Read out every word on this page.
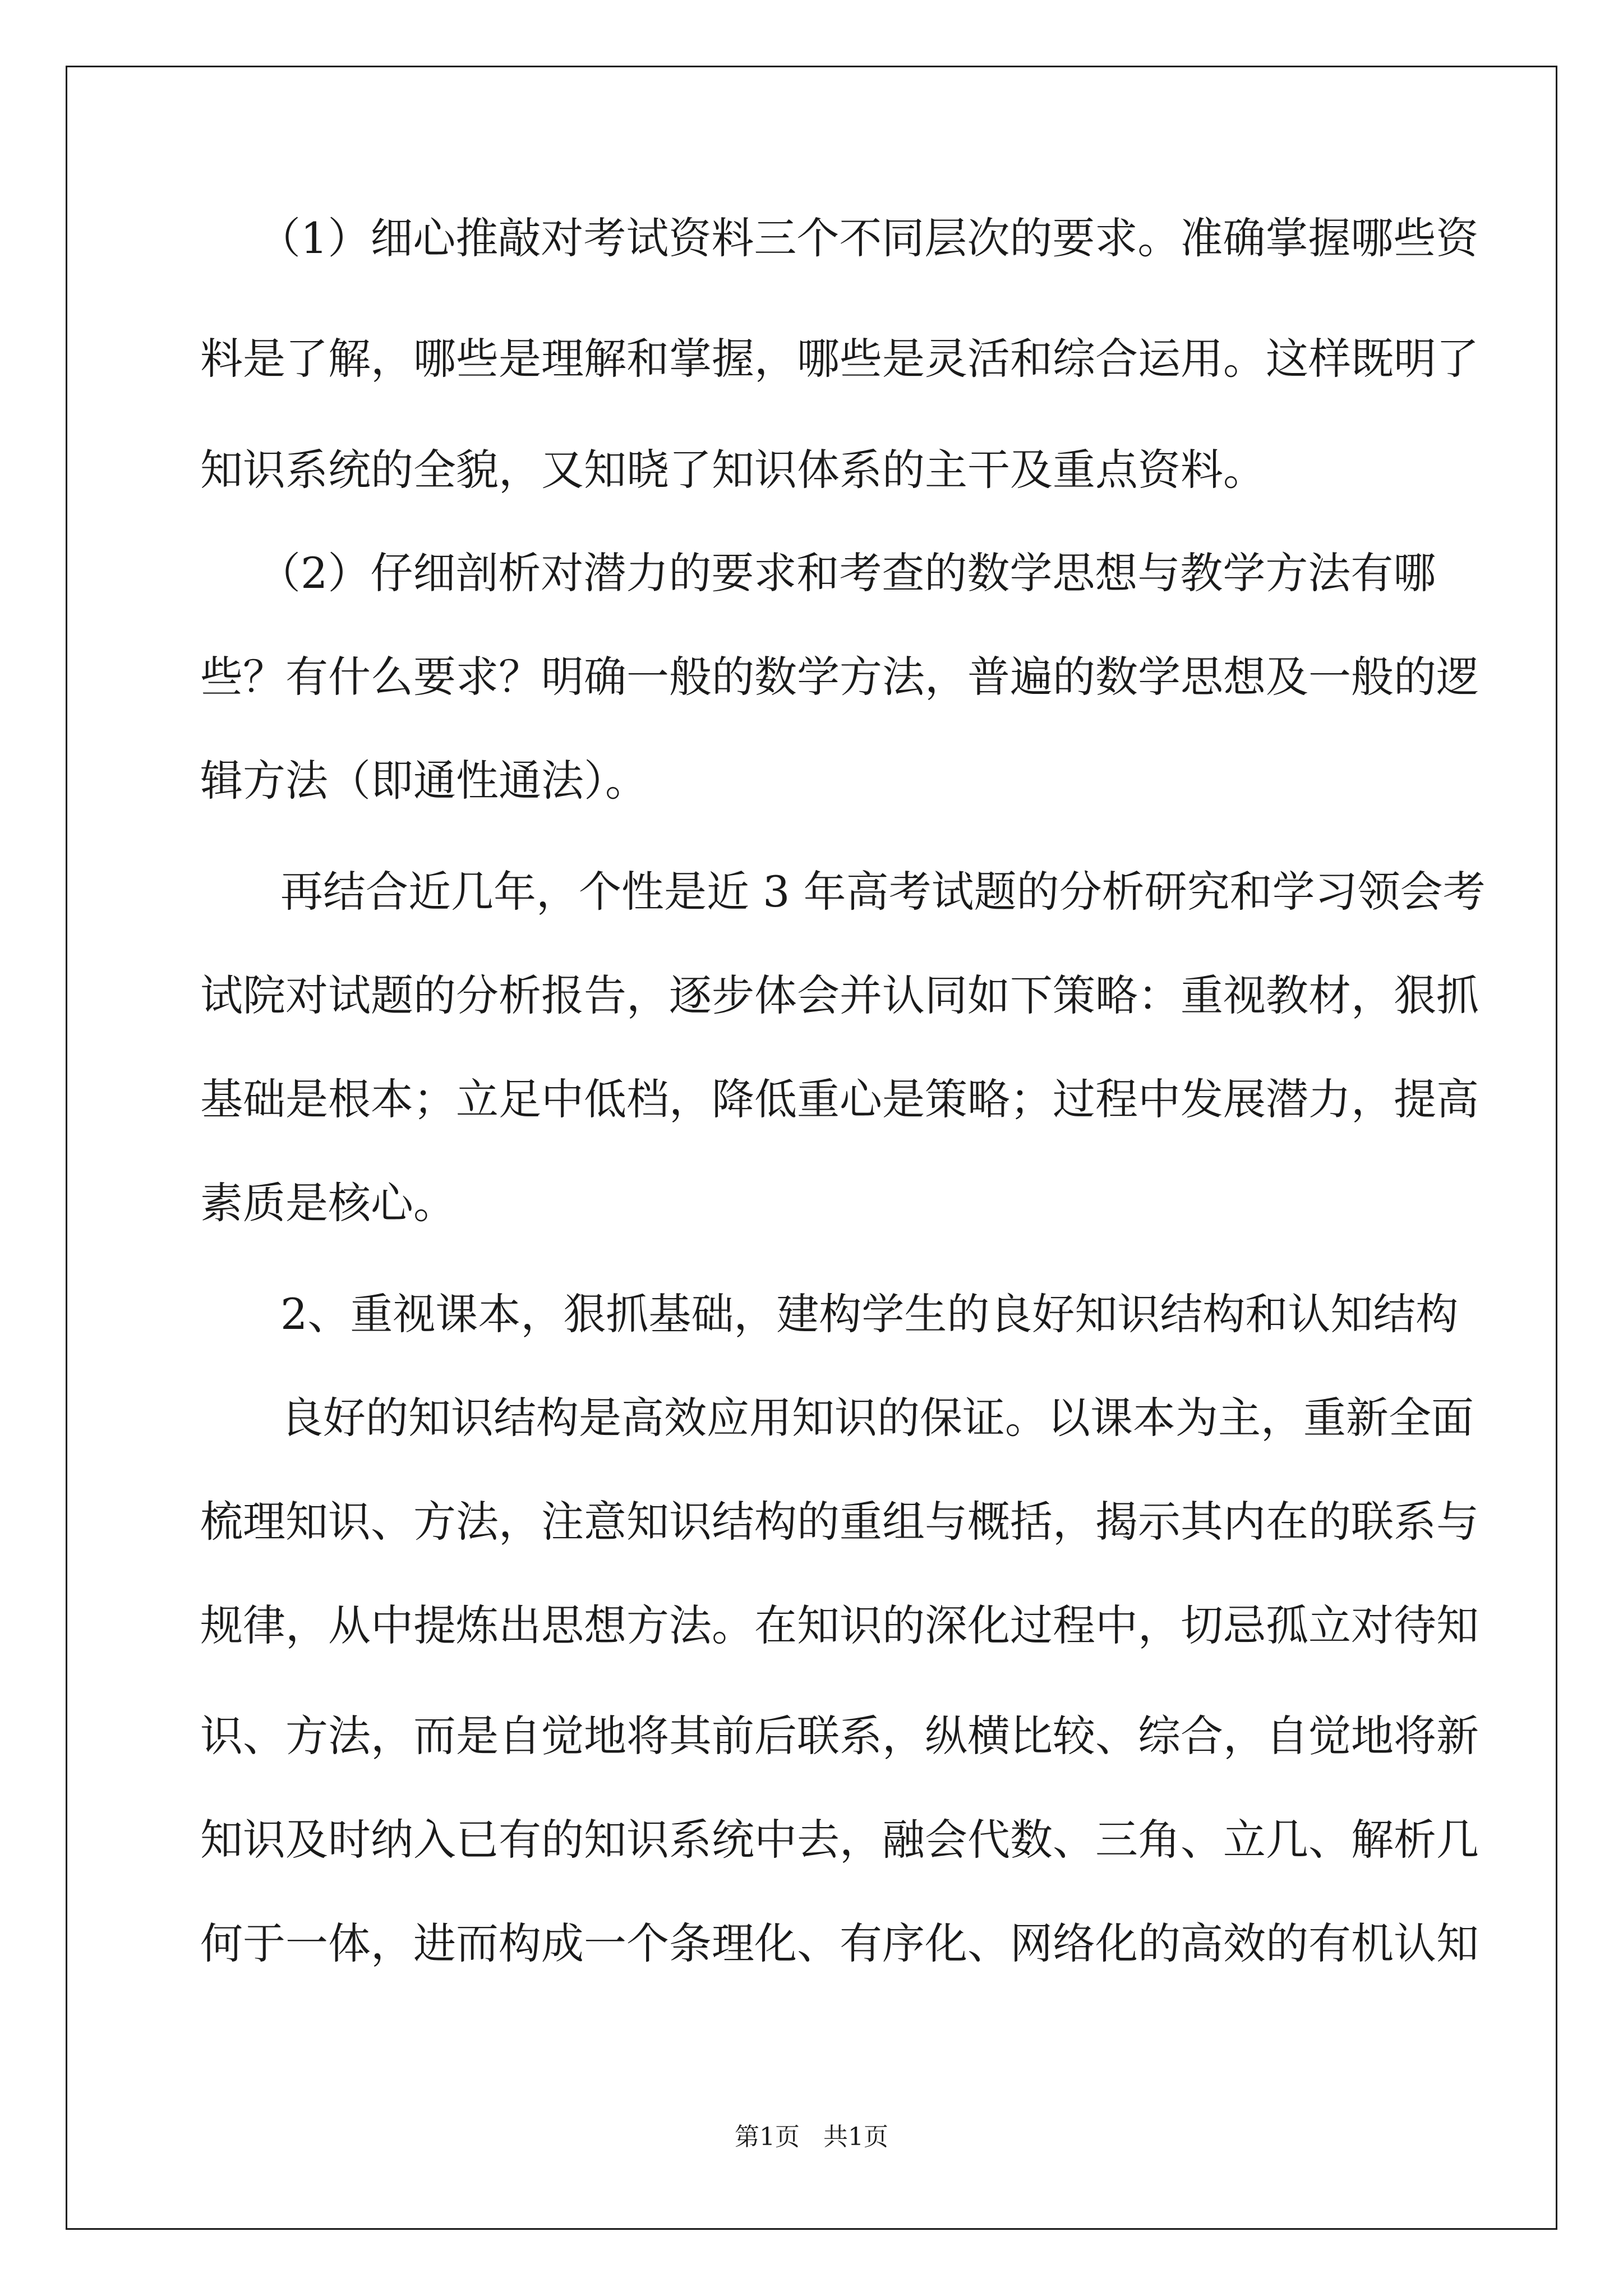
（1）细心推敲对考试资料三个不同层次的要求。准确掌握哪些资

料是了解，哪些是理解和掌握，哪些是灵活和综合运用。这样既明了

知识系统的全貌，又知晓了知识体系的主干及重点资料。

（2）仔细剖析对潜力的要求和考查的数学思想与教学方法有哪

些？有什么要求？明确一般的数学方法，普遍的数学思想及一般的逻

辑方法（即通性通法）。

再结合近几年，个性是近 3 年高考试题的分析研究和学习领会考

试院对试题的分析报告，逐步体会并认同如下策略：重视教材，狠抓

基础是根本；立足中低档，降低重心是策略；过程中发展潜力，提高

素质是核心。

2、重视课本，狠抓基础，建构学生的良好知识结构和认知结构

良好的知识结构是高效应用知识的保证。以课本为主，重新全面

梳理知识、方法，注意知识结构的重组与概括，揭示其内在的联系与

规律，从中提炼出思想方法。在知识的深化过程中，切忌孤立对待知

识、方法，而是自觉地将其前后联系，纵横比较、综合，自觉地将新

知识及时纳入已有的知识系统中去，融会代数、三角、立几、解析几

何于一体，进而构成一个条理化、有序化、网络化的高效的有机认知

第1页   共1页
